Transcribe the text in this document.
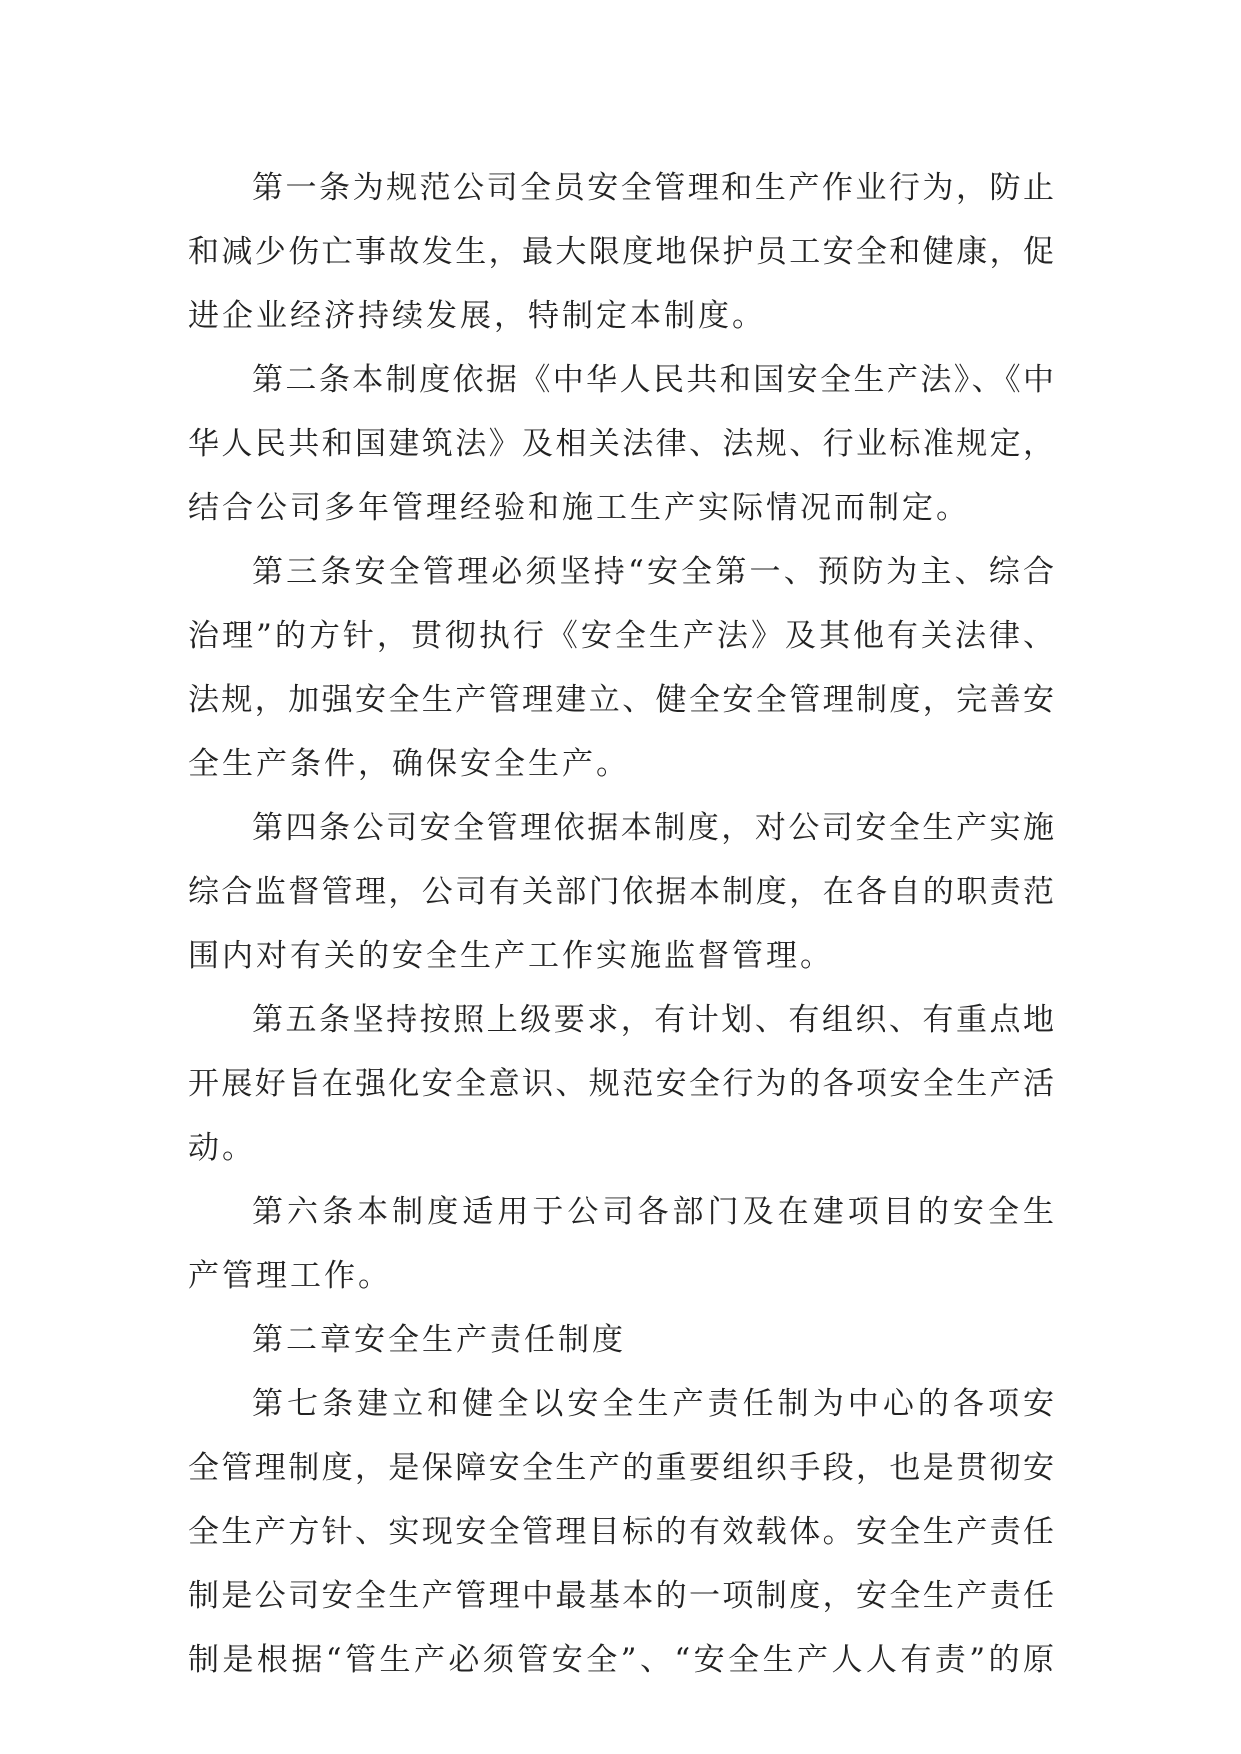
第一条为规范公司全员安全管理和生产作业行为，防止
和减少伤亡事故发生，最大限度地保护员工安全和健康，促
进企业经济持续发展，特制定本制度。
第二条本制度依据《中华人民共和国安全生产法》、《中
华人民共和国建筑法》及相关法律、法规、行业标准规定，
结合公司多年管理经验和施工生产实际情况而制定。
第三条安全管理必须坚持“安全第一、预防为主、综合
治理”的方针，贯彻执行《安全生产法》及其他有关法律、
法规，加强安全生产管理建立、健全安全管理制度，完善安
全生产条件，确保安全生产。
第四条公司安全管理依据本制度，对公司安全生产实施
综合监督管理，公司有关部门依据本制度，在各自的职责范
围内对有关的安全生产工作实施监督管理。
第五条坚持按照上级要求，有计划、有组织、有重点地
开展好旨在强化安全意识、规范安全行为的各项安全生产活
动。
第六条本制度适用于公司各部门及在建项目的安全生
产管理工作。
第二章安全生产责任制度
第七条建立和健全以安全生产责任制为中心的各项安
全管理制度，是保障安全生产的重要组织手段，也是贯彻安
全生产方针、实现安全管理目标的有效载体。安全生产责任
制是公司安全生产管理中最基本的一项制度，安全生产责任
制是根据“管生产必须管安全”、“安全生产人人有责”的原
